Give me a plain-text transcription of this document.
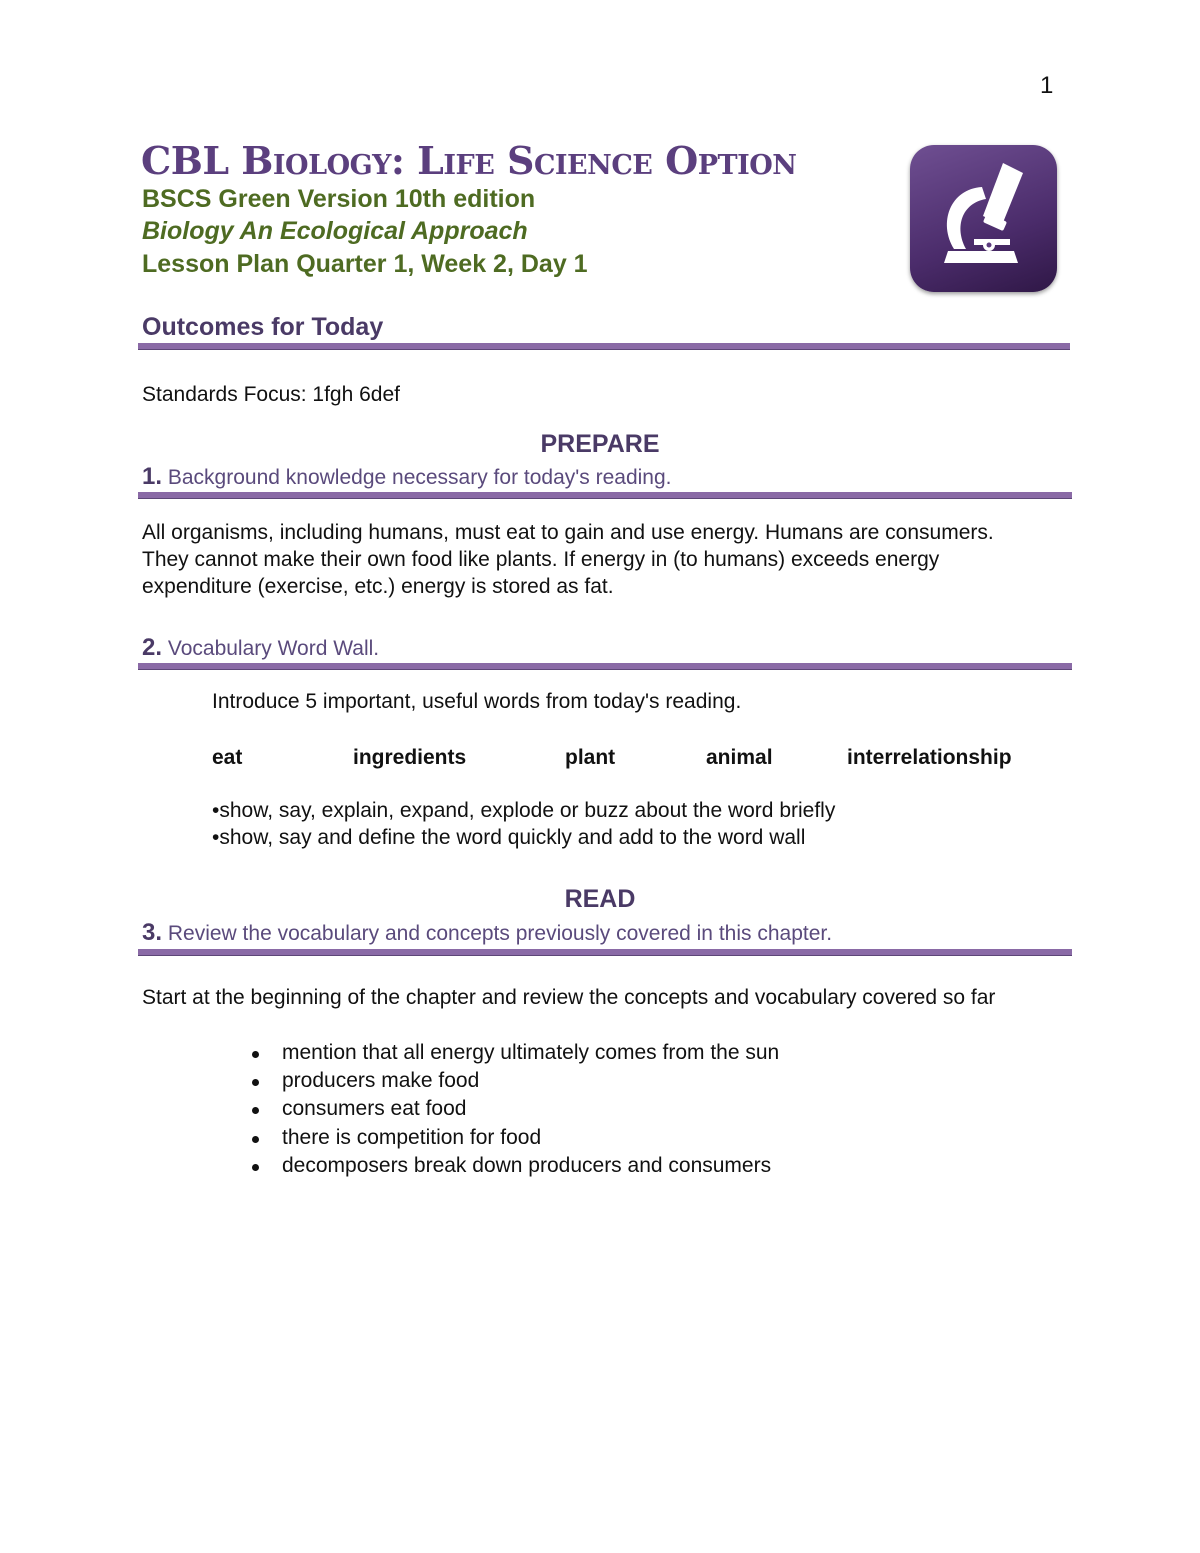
1
CBL Biology: Life Science Option
BSCS Green Version 10th edition
Biology An Ecological Approach
Lesson Plan Quarter 1, Week 2, Day 1
Outcomes for Today
Standards Focus: 1fgh 6def
PREPARE
1. Background knowledge necessary for today's reading.
All organisms, including humans, must eat to gain and use energy. Humans are consumers. They cannot make their own food like plants. If energy in (to humans) exceeds energy expenditure (exercise, etc.) energy is stored as fat.
2. Vocabulary Word Wall.
Introduce 5 important, useful words from today's reading.
eat	ingredients	plant	animal	interrelationship
•show, say, explain, expand, explode or buzz about the word briefly
•show, say and define the word quickly and add to the word wall
READ
3. Review the vocabulary and concepts previously covered in this chapter.
Start at the beginning of the chapter and review the concepts and vocabulary covered so far
mention that all energy ultimately comes from the sun
producers make food
consumers eat food
there is competition for food
decomposers break down producers and consumers
